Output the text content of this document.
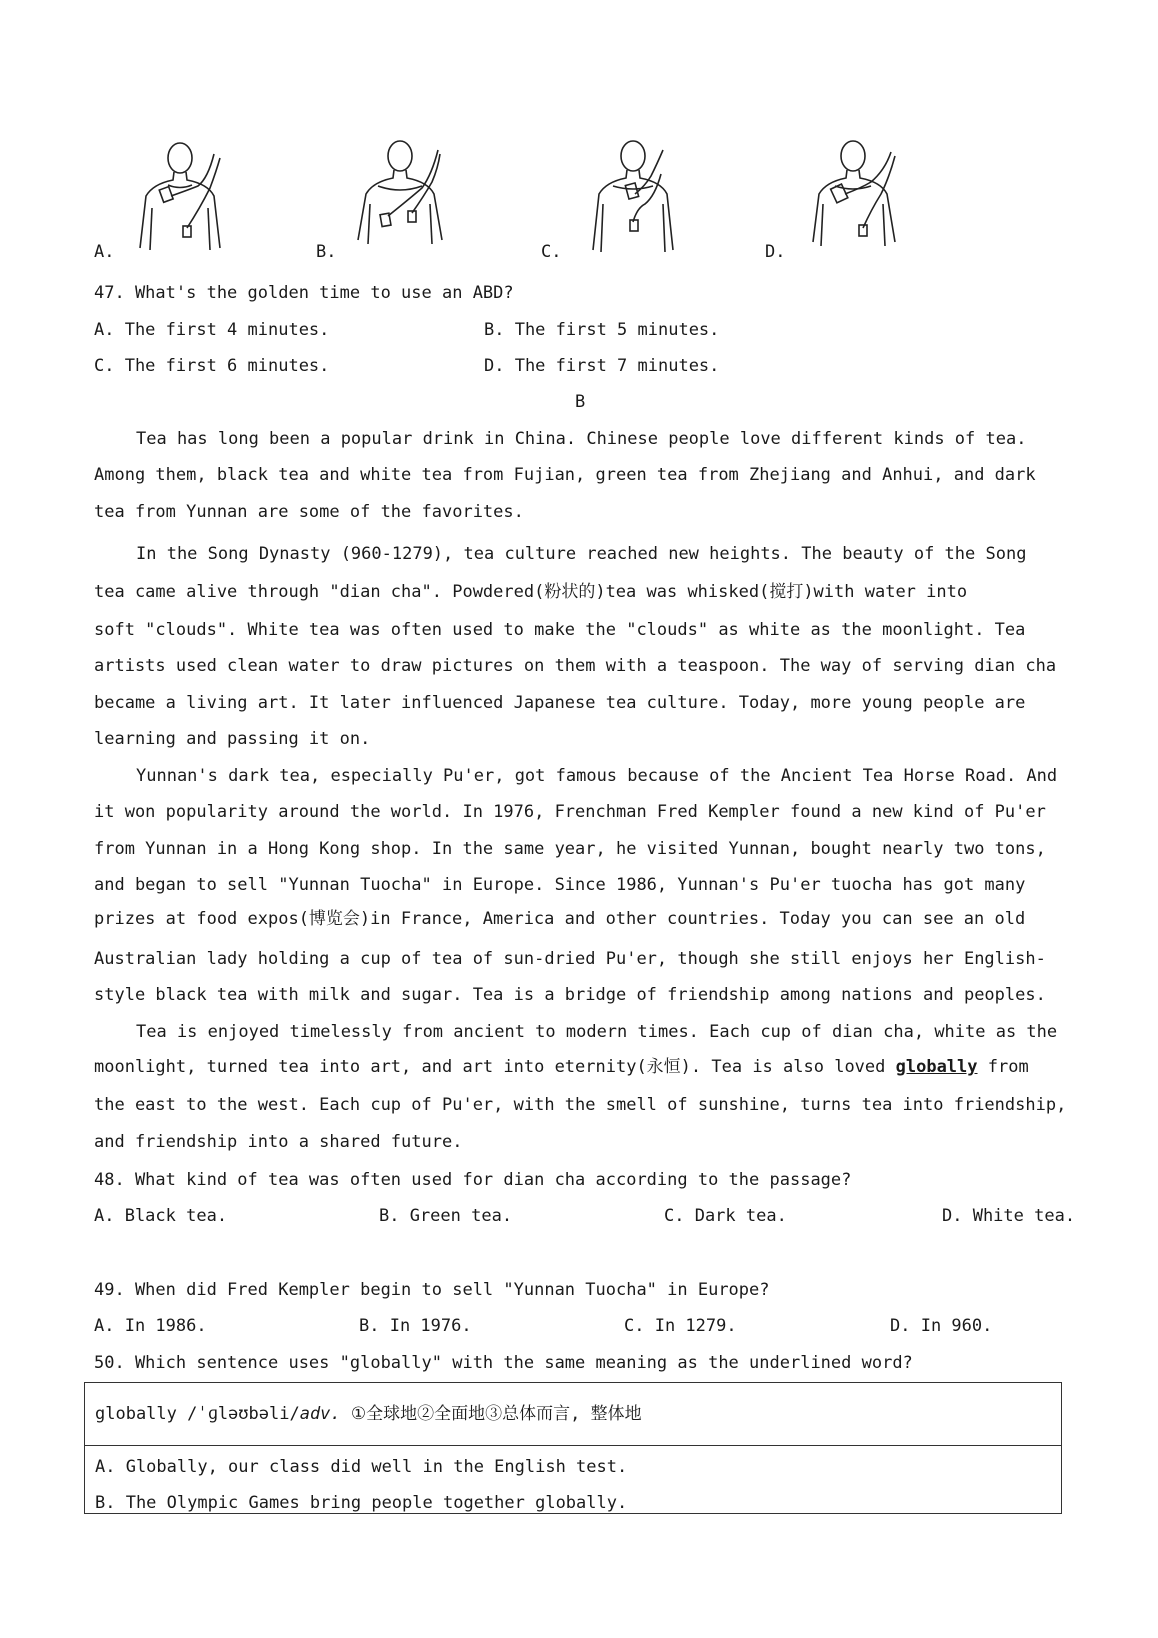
A.	B.	C.	D.
47. What's the golden time to use an ABD?
A. The first 4 minutes.	B. The first 5 minutes.
C. The first 6 minutes.	D. The first 7 minutes.
B
Tea has long been a popular drink in China. Chinese people love different kinds of tea.
Among them, black tea and white tea from Fujian, green tea from Zhejiang and Anhui, and dark
tea from Yunnan are some of the favorites.
In the Song Dynasty (960-1279), tea culture reached new heights. The beauty of the Song
tea came alive through "dian cha". Powdered(粉状的)tea was whisked(搅打)with water into
soft "clouds". White tea was often used to make the "clouds" as white as the moonlight. Tea
artists used clean water to draw pictures on them with a teaspoon. The way of serving dian cha
became a living art. It later influenced Japanese tea culture. Today, more young people are
learning and passing it on.
Yunnan's dark tea, especially Pu'er, got famous because of the Ancient Tea Horse Road. And
it won popularity around the world. In 1976, Frenchman Fred Kempler found a new kind of Pu'er
from Yunnan in a Hong Kong shop. In the same year, he visited Yunnan, bought nearly two tons,
and began to sell "Yunnan Tuocha" in Europe. Since 1986, Yunnan's Pu'er tuocha has got many
prizes at food expos(博览会)in France, America and other countries. Today you can see an old
Australian lady holding a cup of tea of sun-dried Pu'er, though she still enjoys her English-
style black tea with milk and sugar. Tea is a bridge of friendship among nations and peoples.
Tea is enjoyed timelessly from ancient to modern times. Each cup of dian cha, white as the
moonlight, turned tea into art, and art into eternity(永恒). Tea is also loved globally from
the east to the west. Each cup of Pu'er, with the smell of sunshine, turns tea into friendship,
and friendship into a shared future.
48. What kind of tea was often used for dian cha according to the passage?
A. Black tea.	B. Green tea.	C. Dark tea.	D. White tea.
49. When did Fred Kempler begin to sell "Yunnan Tuocha" in Europe?
A. In 1986.	B. In 1976.	C. In 1279.	D. In 960.
50. Which sentence uses "globally" with the same meaning as the underlined word?
globally /ˈɡləʊbəli/adv. ①全球地②全面地③总体而言, 整体地
A. Globally, our class did well in the English test.
B. The Olympic Games bring people together globally.
